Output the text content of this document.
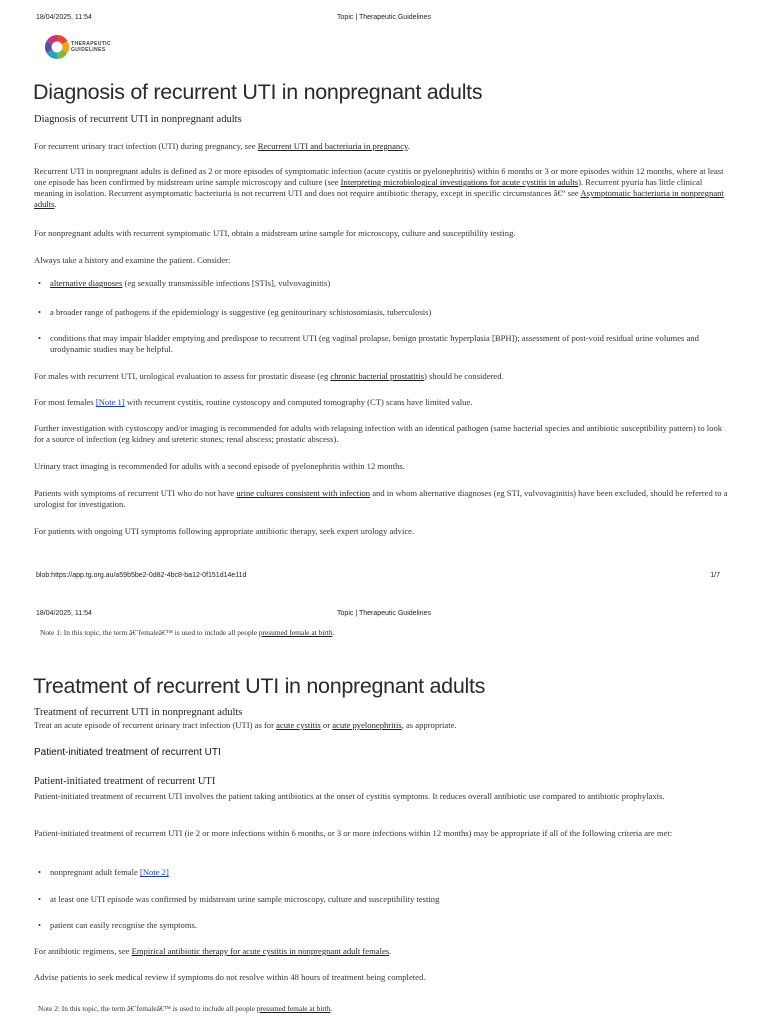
18/04/2025, 11:54	Topic | Therapeutic Guidelines
THERAPEUTIC
GUIDELINES
Diagnosis of recurrent UTI in nonpregnant adults
Diagnosis of recurrent UTI in nonpregnant adults

For recurrent urinary tract infection (UTI) during pregnancy, see Recurrent UTI and bacteriuria in pregnancy.

Recurrent UTI in nonpregnant adults is defined as 2 or more episodes of symptomatic infection (acute cystitis or pyelonephritis) within 6 months or 3 or more episodes within 12 months, where at least one episode has been confirmed by midstream urine sample microscopy and culture (see Interpreting microbiological investigations for acute cystitis in adults). Recurrent pyuria has little clinical meaning in isolation. Recurrent asymptomatic bacteriuria is not recurrent UTI and does not require antibiotic therapy, except in specific circumstances â€“ see Asymptomatic bacteriuria in nonpregnant adults.

For nonpregnant adults with recurrent symptomatic UTI, obtain a midstream urine sample for microscopy, culture and susceptibility testing.

Always take a history and examine the patient. Consider:

• alternative diagnoses (eg sexually transmissible infections [STIs], vulvovaginitis)
• a broader range of pathogens if the epidemiology is suggestive (eg genitourinary schistosomiasis, tuberculosis)
• conditions that may impair bladder emptying and predispose to recurrent UTI (eg vaginal prolapse, benign prostatic hyperplasia [BPH]); assessment of post-void residual urine volumes and urodynamic studies may be helpful.

For males with recurrent UTI, urological evaluation to assess for prostatic disease (eg chronic bacterial prostatitis) should be considered.

For most females [Note 1] with recurrent cystitis, routine cystoscopy and computed tomography (CT) scans have limited value.

Further investigation with cystoscopy and/or imaging is recommended for adults with relapsing infection with an identical pathogen (same bacterial species and antibiotic susceptibility pattern) to look for a source of infection (eg kidney and ureteric stones; renal abscess; prostatic abscess).

Urinary tract imaging is recommended for adults with a second episode of pyelonephritis within 12 months.

Patients with symptoms of recurrent UTI who do not have urine cultures consistent with infection and in whom alternative diagnoses (eg STI, vulvovaginitis) have been excluded, should be referred to a urologist for investigation.

For patients with ongoing UTI symptoms following appropriate antibiotic therapy, seek expert urology advice.

blob:https://app.tg.org.au/a59b5be2-0d82-4bc8-ba12-0f151d14e11d	1/7
18/04/2025, 11:54	Topic | Therapeutic Guidelines

Note 1: In this topic, the term â€˜femaleâ€™ is used to include all people presumed female at birth.

Treatment of recurrent UTI in nonpregnant adults
Treatment of recurrent UTI in nonpregnant adults

Treat an acute episode of recurrent urinary tract infection (UTI) as for acute cystitis or acute pyelonephritis, as appropriate.

Patient-initiated treatment of recurrent UTI
Patient-initiated treatment of recurrent UTI

Patient-initiated treatment of recurrent UTI involves the patient taking antibiotics at the onset of cystitis symptoms. It reduces overall antibiotic use compared to antibiotic prophylaxis.

Patient-initiated treatment of recurrent UTI (ie 2 or more infections within 6 months, or 3 or more infections within 12 months) may be appropriate if all of the following criteria are met:

• nonpregnant adult female [Note 2]
• at least one UTI episode was confirmed by midstream urine sample microscopy, culture and susceptibility testing
• patient can easily recognise the symptoms.

For antibiotic regimens, see Empirical antibiotic therapy for acute cystitis in nonpregnant adult females.

Advise patients to seek medical review if symptoms do not resolve within 48 hours of treatment being completed.

Note 2: In this topic, the term â€˜femaleâ€™ is used to include all people presumed female at birth.
